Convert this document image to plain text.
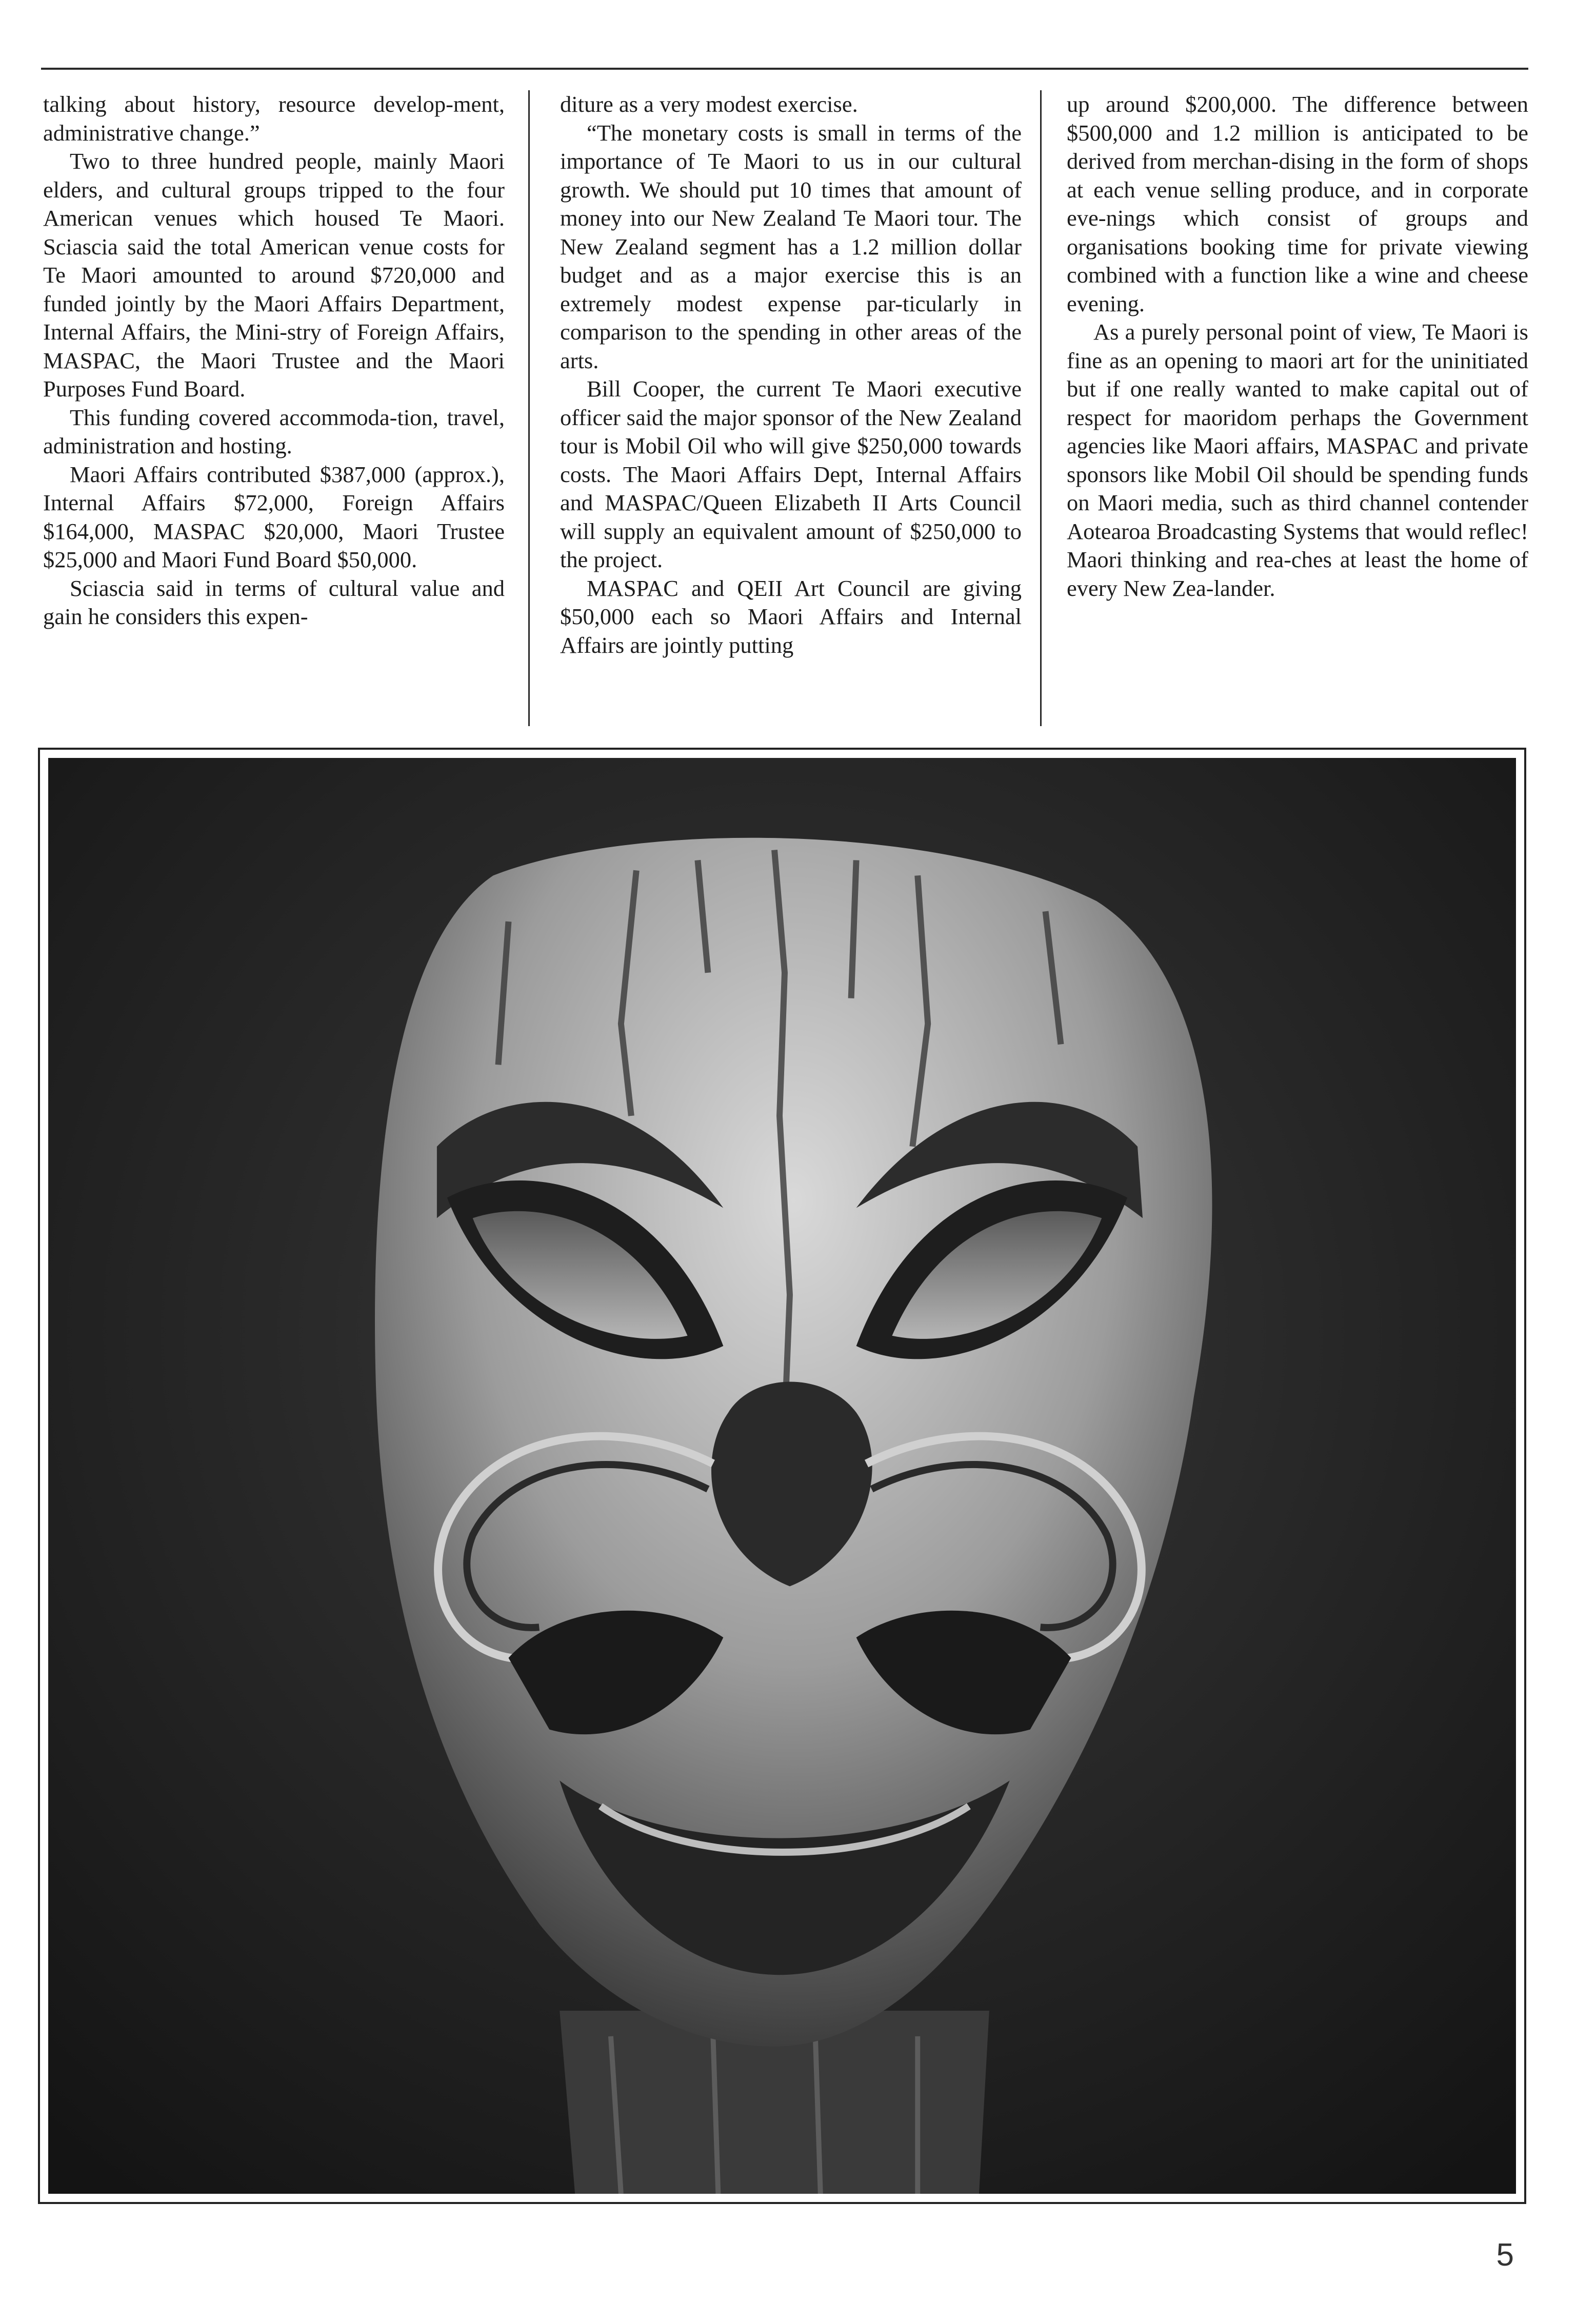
talking about history, resource develop-ment, administrative change.”

Two to three hundred people, mainly Maori elders, and cultural groups tripped to the four American venues which housed Te Maori. Sciascia said the total American venue costs for Te Maori amounted to around $720,000 and funded jointly by the Maori Affairs Department, Internal Affairs, the Mini-stry of Foreign Affairs, MASPAC, the Maori Trustee and the Maori Purposes Fund Board.

This funding covered accommoda-tion, travel, administration and hosting.

Maori Affairs contributed $387,000 (approx.), Internal Affairs $72,000, Foreign Affairs $164,000, MASPAC $20,000, Maori Trustee $25,000 and Maori Fund Board $50,000.

Sciascia said in terms of cultural value and gain he considers this expen-

diture as a very modest exercise.

“The monetary costs is small in terms of the importance of Te Maori to us in our cultural growth. We should put 10 times that amount of money into our New Zealand Te Maori tour. The New Zealand segment has a 1.2 million dollar budget and as a major exercise this is an extremely modest expense par-ticularly in comparison to the spending in other areas of the arts.

Bill Cooper, the current Te Maori executive officer said the major sponsor of the New Zealand tour is Mobil Oil who will give $250,000 towards costs. The Maori Affairs Dept, Internal Affairs and MASPAC/Queen Elizabeth II Arts Council will supply an equivalent amount of $250,000 to the project.

MASPAC and QEII Art Council are giving $50,000 each so Maori Affairs and Internal Affairs are jointly putting

up around $200,000. The difference between $500,000 and 1.2 million is anticipated to be derived from merchan-dising in the form of shops at each venue selling produce, and in corporate eve-nings which consist of groups and organisations booking time for private viewing combined with a function like a wine and cheese evening.

As a purely personal point of view, Te Maori is fine as an opening to maori art for the uninitiated but if one really wanted to make capital out of respect for maoridom perhaps the Government agencies like Maori affairs, MASPAC and private sponsors like Mobil Oil should be spending funds on Maori media, such as third channel contender Aotearoa Broadcasting Systems that would reflec! Maori thinking and rea-ches at least the home of every New Zea-lander.

5
